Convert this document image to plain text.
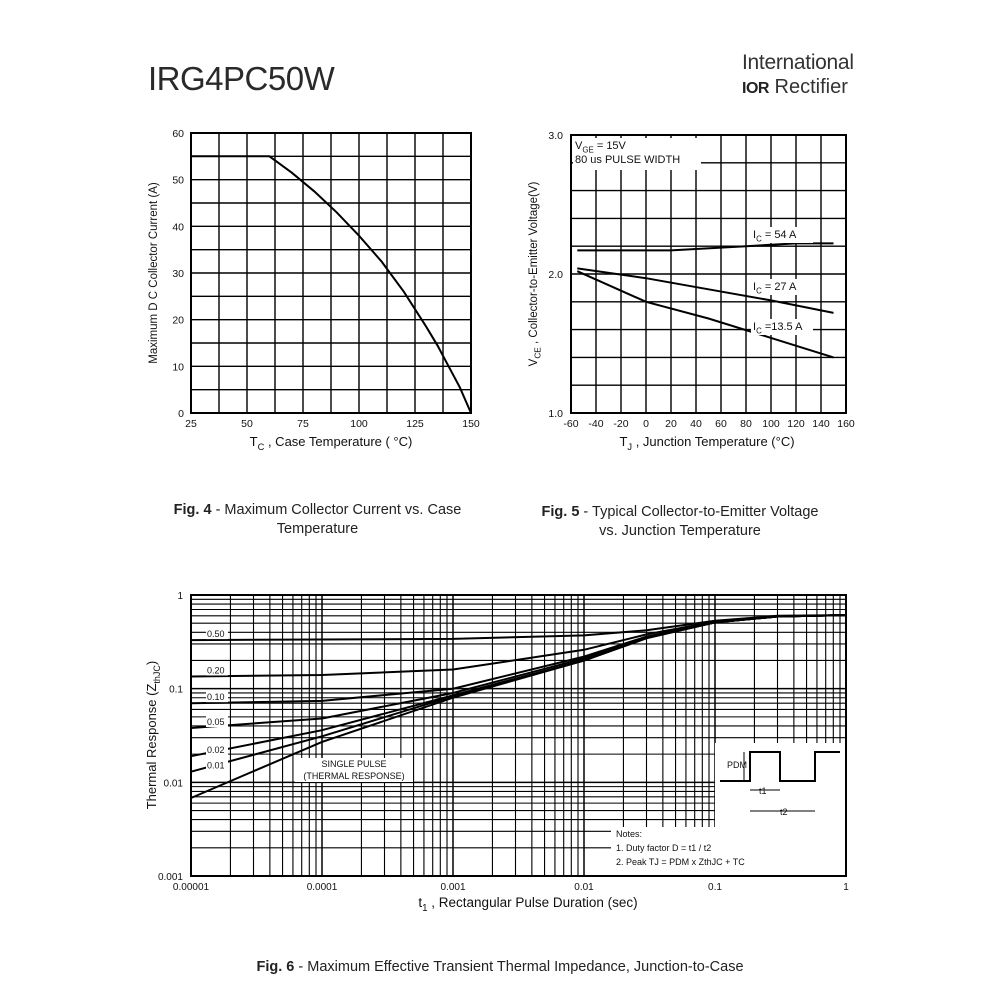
IRG4PC50W	International
IOR Rectifier
25	50	75	100	125	150
0
10
20
30
40
50
60
Maximum D C Collector Current (A)
$T_C$ , Case Temperature ( °C)
-60 -40 -20 0 20 40 60 80 100 120 140 160
1.0
2.0
3.0
$V_{GE} = 15V$
80 us PULSE WIDTH
$I_C = 54$ A
$I_C = 27$ A
$I_C =13.5$ A
$V_{CE}$ , Collector-to-Emitter Voltage(V)
$T_J$ , Junction Temperature (°C)
0.00001	0.0001	0.001	0.01	0.1	1
0.001
0.01
0.1
1
0.50
0.20
0.10
0.05
0.02
0.01	SINGLE PULSE
(THERMAL RESPONSE)
PDM
t1
t2
Notes:
1. Duty factor D = t1 / t2
2. Peak TJ = PDM x ZthJC + TC
Thermal Response $(Z_{thJC})$
$t_1$ , Rectangular Pulse Duration (sec)
Fig. 4 - Maximum Collector Current vs. Case
Temperature
Fig. 5 - Typical Collector-to-Emitter Voltage
vs. Junction Temperature
Fig. 6 - Maximum Effective Transient Thermal Impedance, Junction-to-Case
